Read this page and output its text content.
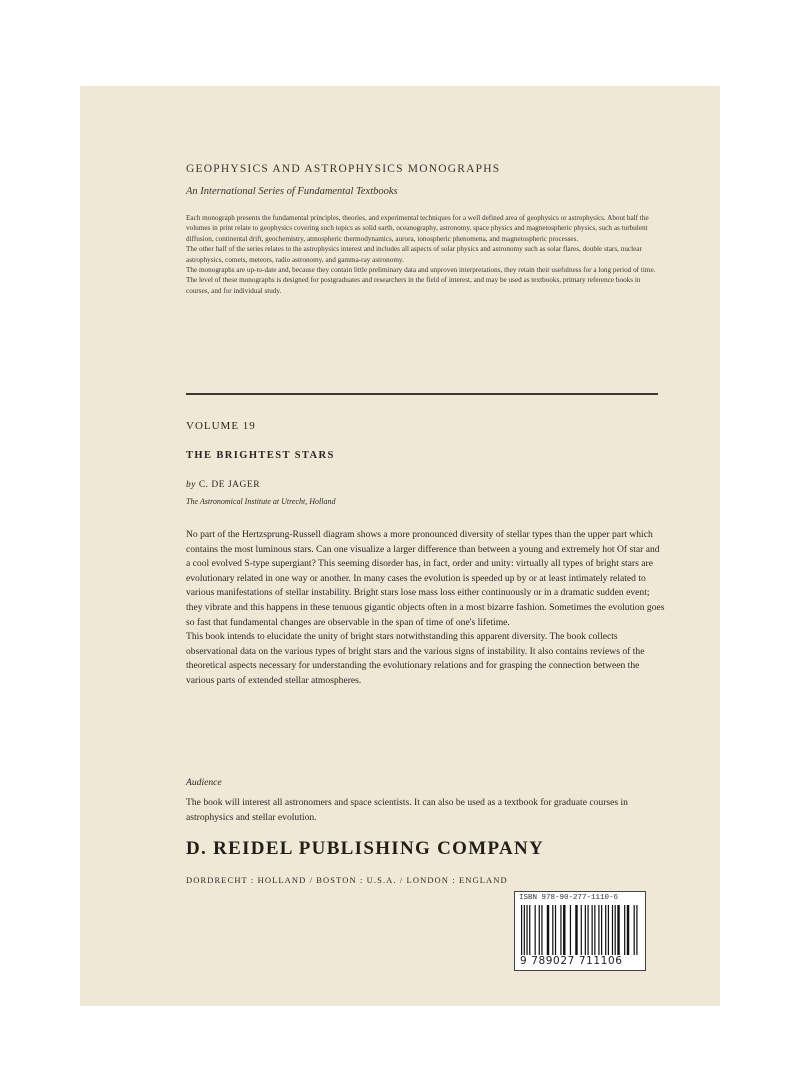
GEOPHYSICS AND ASTROPHYSICS MONOGRAPHS
An International Series of Fundamental Textbooks

Each monograph presents the fundamental principles, theories, and experimental techniques for a well defined area of geophysics or astrophysics. About half the volumes in print relate to geophysics covering such topics as solid earth, oceanography, astronomy, space physics and magnetospheric physics, such as turbulent diffusion, continental drift, geochemistry, atmospheric thermodynamics, aurora, ionospheric phenomena, and magnetospheric processes.

The other half of the series relates to the astrophysics interest and includes all aspects of solar physics and astronomy such as solar flares, double stars, nuclear astrophysics, comets, meteors, radio astronomy, and gamma-ray astronomy.

The monographs are up-to-date and, because they contain little preliminary data and unproven interpretations, they retain their usefulness for a long period of time. The level of these monographs is designed for postgraduates and researchers in the field of interest, and may be used as textbooks, primary reference books in courses, and for individual study.

VOLUME 19
THE BRIGHTEST STARS
by C. DE JAGER
The Astronomical Institute at Utrecht, Holland

No part of the Hertzsprung-Russell diagram shows a more pronounced diversity of stellar types than the upper part which contains the most luminous stars. Can one visualize a larger difference than between a young and extremely hot Of star and a cool evolved S-type supergiant? This seeming disorder has, in fact, order and unity: virtually all types of bright stars are evolutionary related in one way or another. In many cases the evolution is speeded up by or at least intimately related to various manifestations of stellar instability. Bright stars lose mass loss either continuously or in a dramatic sudden event; they vibrate and this happens in these tenuous gigantic objects often in a most bizarre fashion. Sometimes the evolution goes so fast that fundamental changes are observable in the span of time of one's lifetime.

This book intends to elucidate the unity of bright stars notwithstanding this apparent diversity. The book collects observational data on the various types of bright stars and the various signs of instability. It also contains reviews of the theoretical aspects necessary for understanding the evolutionary relations and for grasping the connection between the various parts of extended stellar atmospheres.

Audience
The book will interest all astronomers and space scientists. It can also be used as a textbook for graduate courses in astrophysics and stellar evolution.
D. REIDEL PUBLISHING COMPANY
DORDRECHT : HOLLAND / BOSTON : U.S.A. / LONDON : ENGLAND
ISBN 978-90-277-1110-6
9 789027 711106
